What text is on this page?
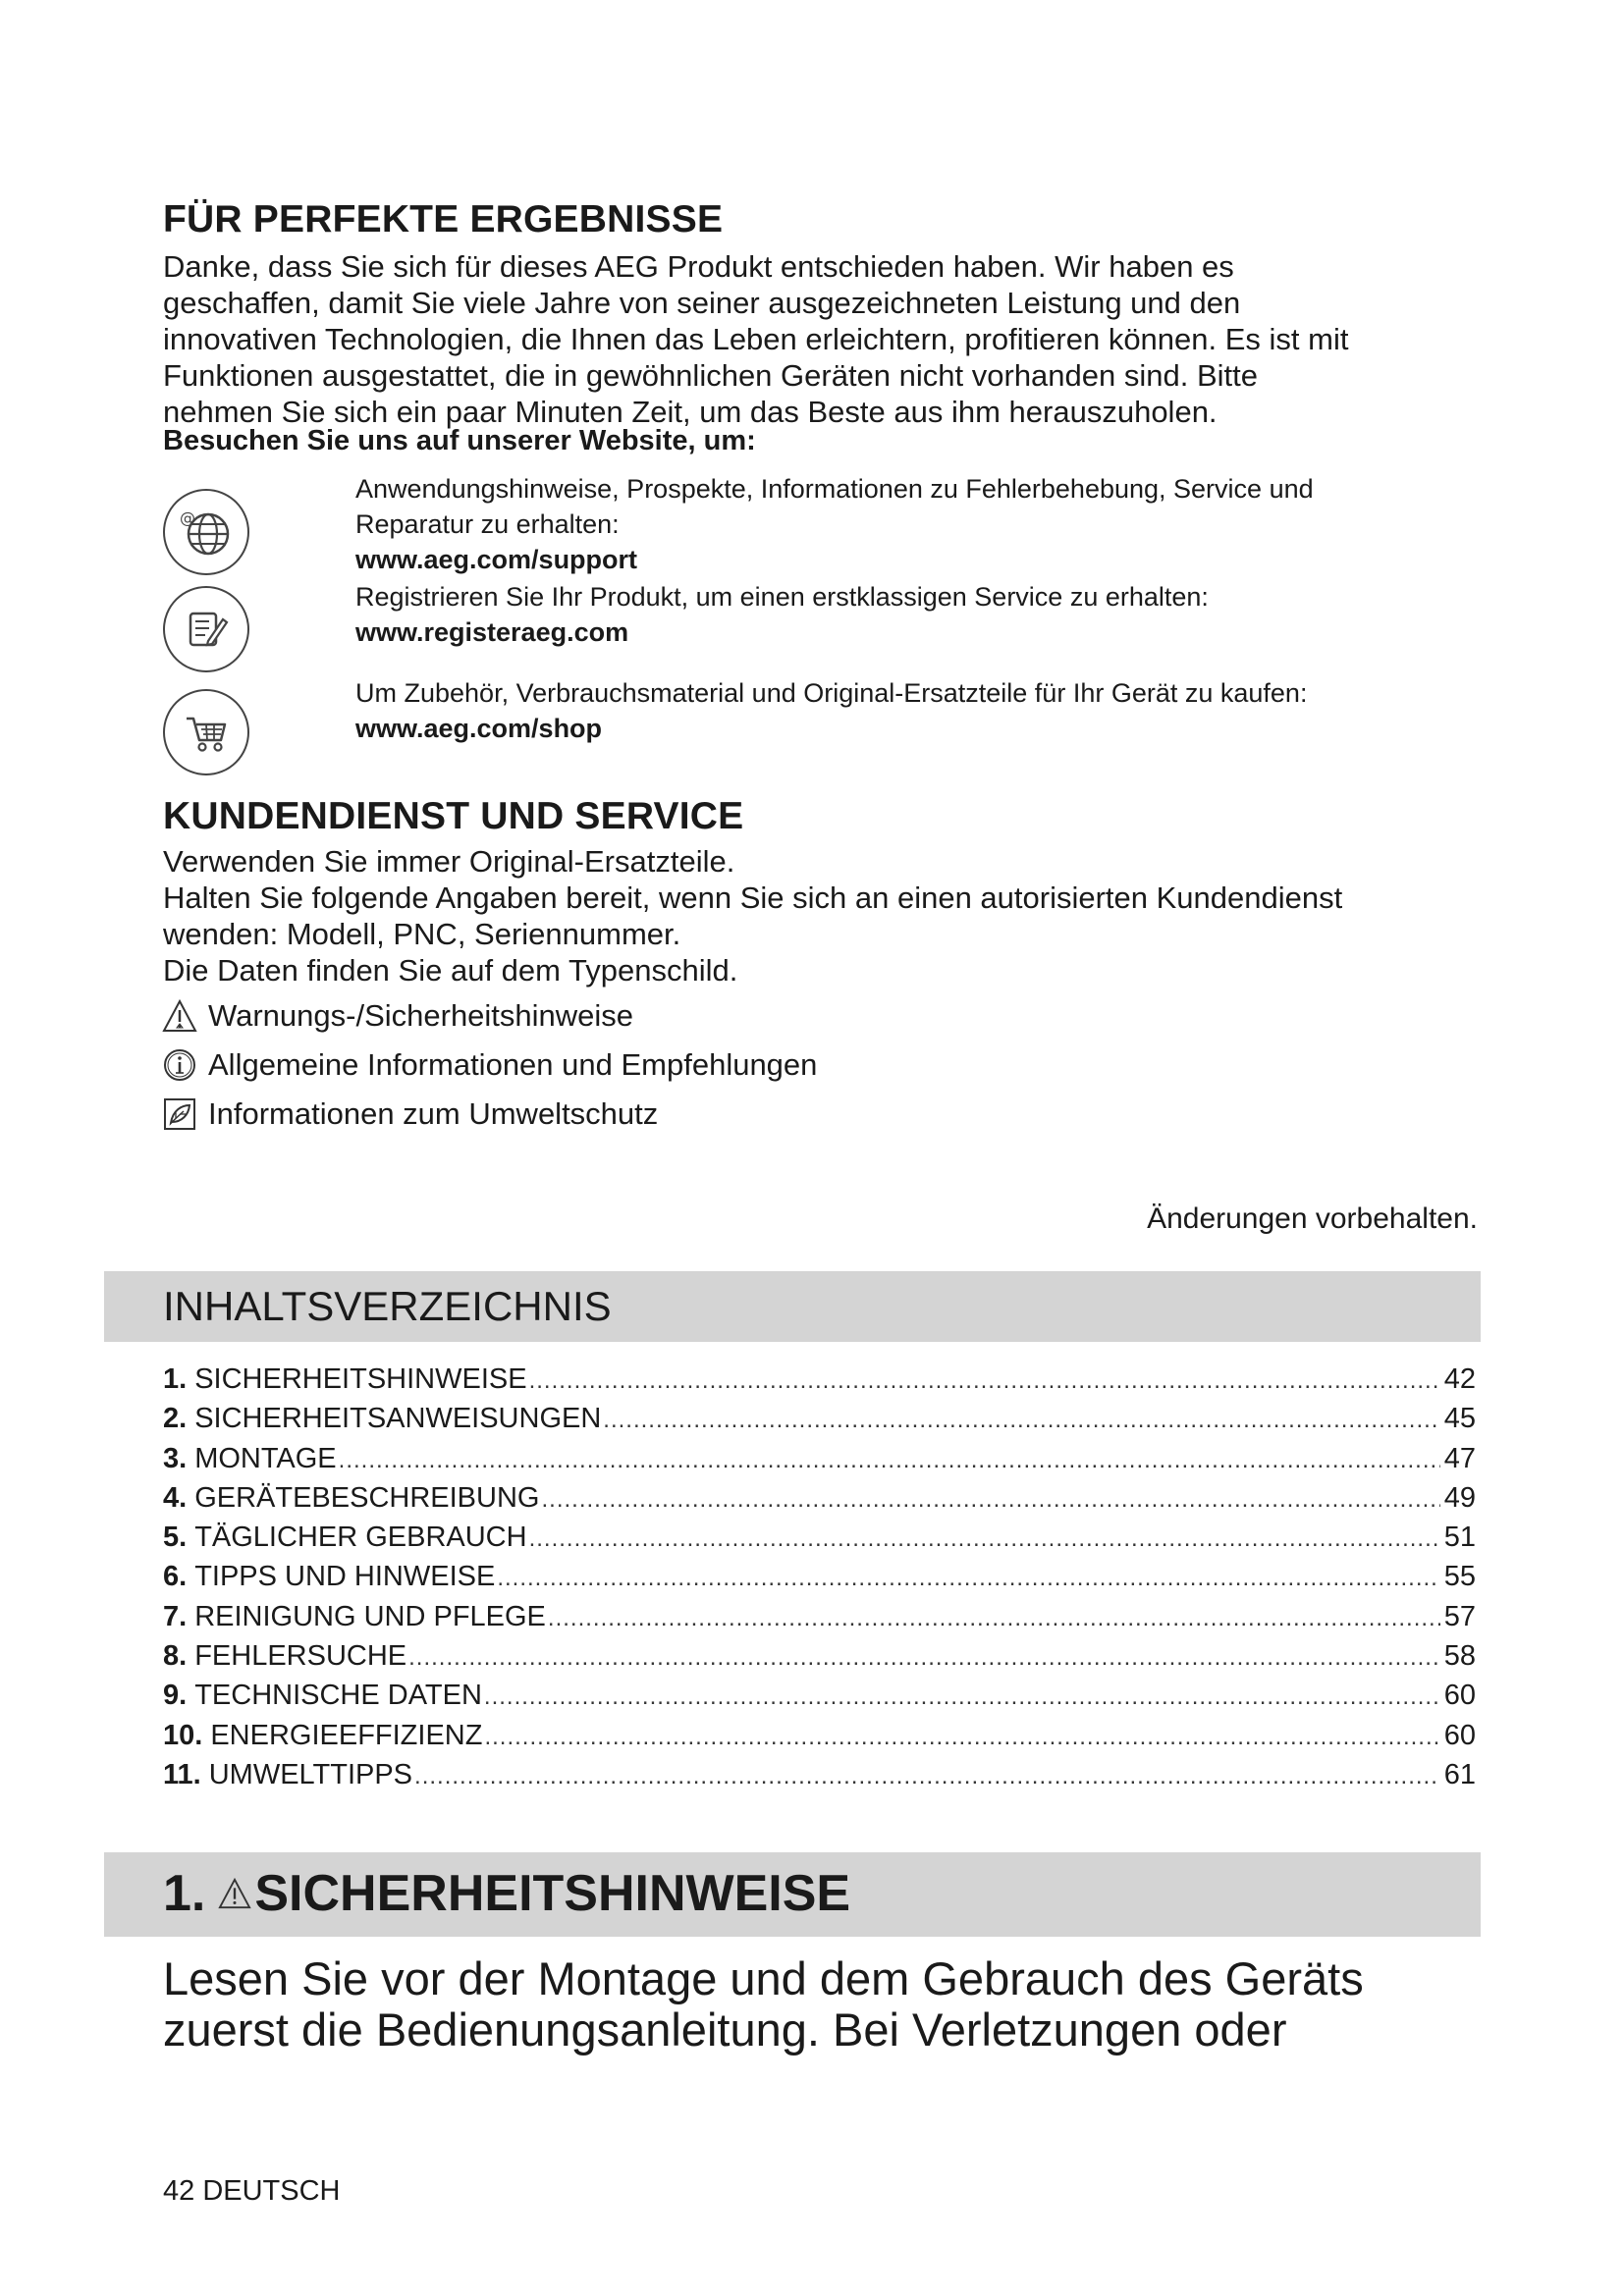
FÜR PERFEKTE ERGEBNISSE

Danke, dass Sie sich für dieses AEG Produkt entschieden haben. Wir haben es
geschaffen, damit Sie viele Jahre von seiner ausgezeichneten Leistung und den
innovativen Technologien, die Ihnen das Leben erleichtern, profitieren können. Es ist mit
Funktionen ausgestattet, die in gewöhnlichen Geräten nicht vorhanden sind. Bitte
nehmen Sie sich ein paar Minuten Zeit, um das Beste aus ihm herauszuholen.

Besuchen Sie uns auf unserer Website, um:
@
Anwendungshinweise, Prospekte, Informationen zu Fehlerbehebung, Service und
Reparatur zu erhalten:
www.aeg.com/support
Registrieren Sie Ihr Produkt, um einen erstklassigen Service zu erhalten:
www.registeraeg.com
Um Zubehör, Verbrauchsmaterial und Original-Ersatzteile für Ihr Gerät zu kaufen:
www.aeg.com/shop
KUNDENDIENST UND SERVICE
Verwenden Sie immer Original-Ersatzteile.
Halten Sie folgende Angaben bereit, wenn Sie sich an einen autorisierten Kundendienst
wenden: Modell, PNC, Seriennummer.
Die Daten finden Sie auf dem Typenschild.
Warnungs-/Sicherheitshinweise
Allgemeine Informationen und Empfehlungen
Informationen zum Umweltschutz
Änderungen vorbehalten.
INHALTSVERZEICHNIS
1. SICHERHEITSHINWEISE .....	42
2. SICHERHEITSANWEISUNGEN .....	45
3. MONTAGE .....	47
4. GERÄTEBESCHREIBUNG .....	49
5. TÄGLICHER GEBRAUCH .....	51
6. TIPPS UND HINWEISE .....	55
7. REINIGUNG UND PFLEGE .....	57
8. FEHLERSUCHE .....	58
9. TECHNISCHE DATEN .....	60
10. ENERGIEEFFIZIENZ .....	60
11. UMWELTTIPPS .....	61
1. SICHERHEITSHINWEISE
Lesen Sie vor der Montage und dem Gebrauch des Geräts
zuerst die Bedienungsanleitung. Bei Verletzungen oder
42 DEUTSCH
